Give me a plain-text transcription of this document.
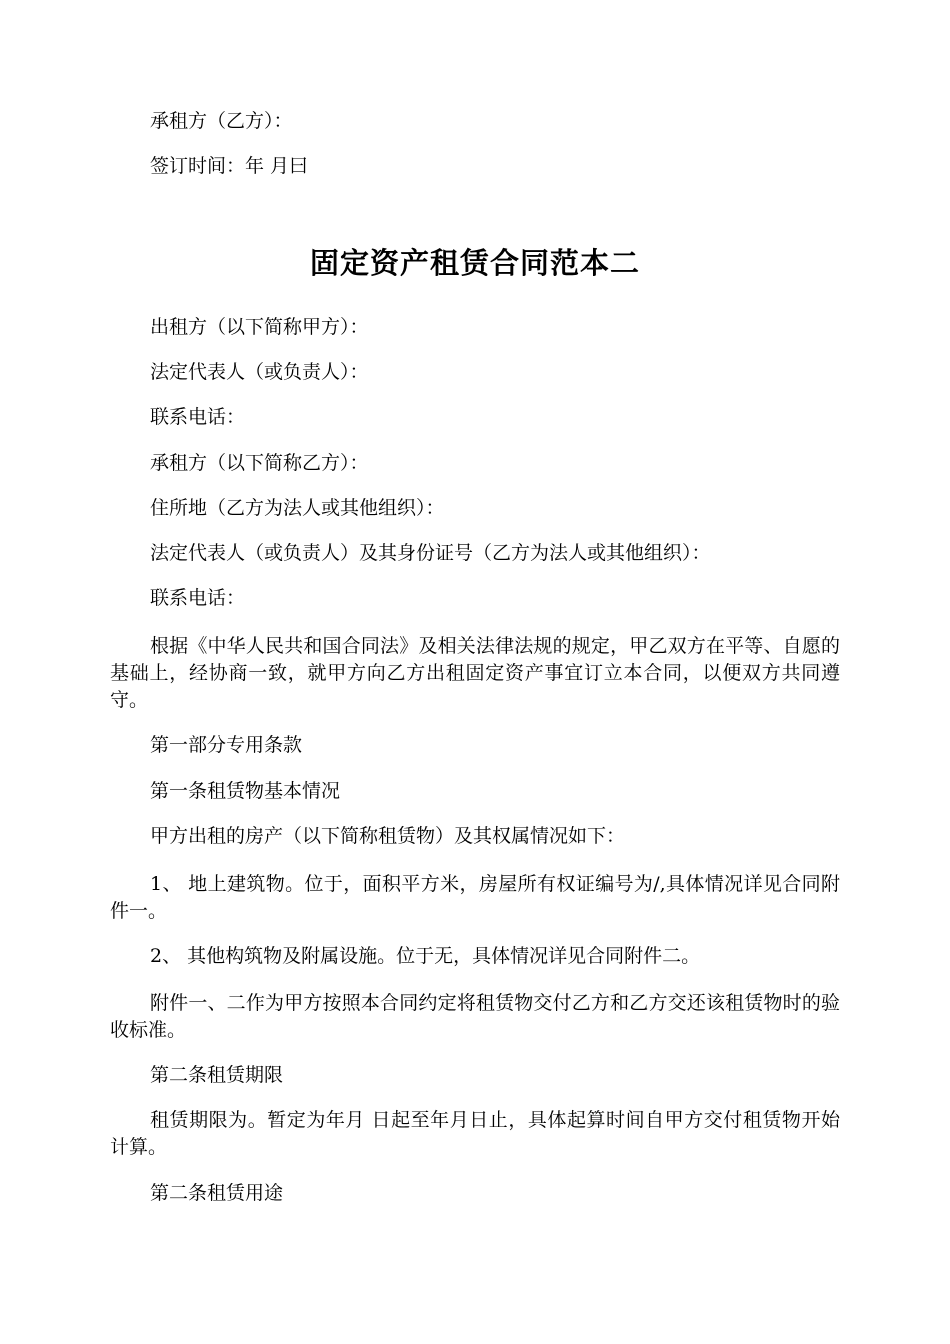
承租方（乙方）：
签订时间：年 月曰
固定资产租赁合同范本二
出租方（以下简称甲方）：
法定代表人（或负责人）：
联系电话：
承租方（以下简称乙方）：
住所地（乙方为法人或其他组织）：
法定代表人（或负责人）及其身份证号（乙方为法人或其他组织）：
联系电话：
根据《中华人民共和国合同法》及相关法律法规的规定，甲乙双方在平等、自愿的基础上，经协商一致，就甲方向乙方出租固定资产事宜订立本合同，以便双方共同遵守。
第一部分专用条款
第一条租赁物基本情况
甲方出租的房产（以下简称租赁物）及其权属情况如下：
1、 地上建筑物。位于，面积平方米，房屋所有权证编号为/,具体情况详见合同附件一。
2、 其他构筑物及附属设施。位于无，具体情况详见合同附件二。
附件一、二作为甲方按照本合同约定将租赁物交付乙方和乙方交还该租赁物时的验收标准。
第二条租赁期限
租赁期限为。暂定为年月 日起至年月日止，具体起算时间自甲方交付租赁物开始计算。
第二条租赁用途
